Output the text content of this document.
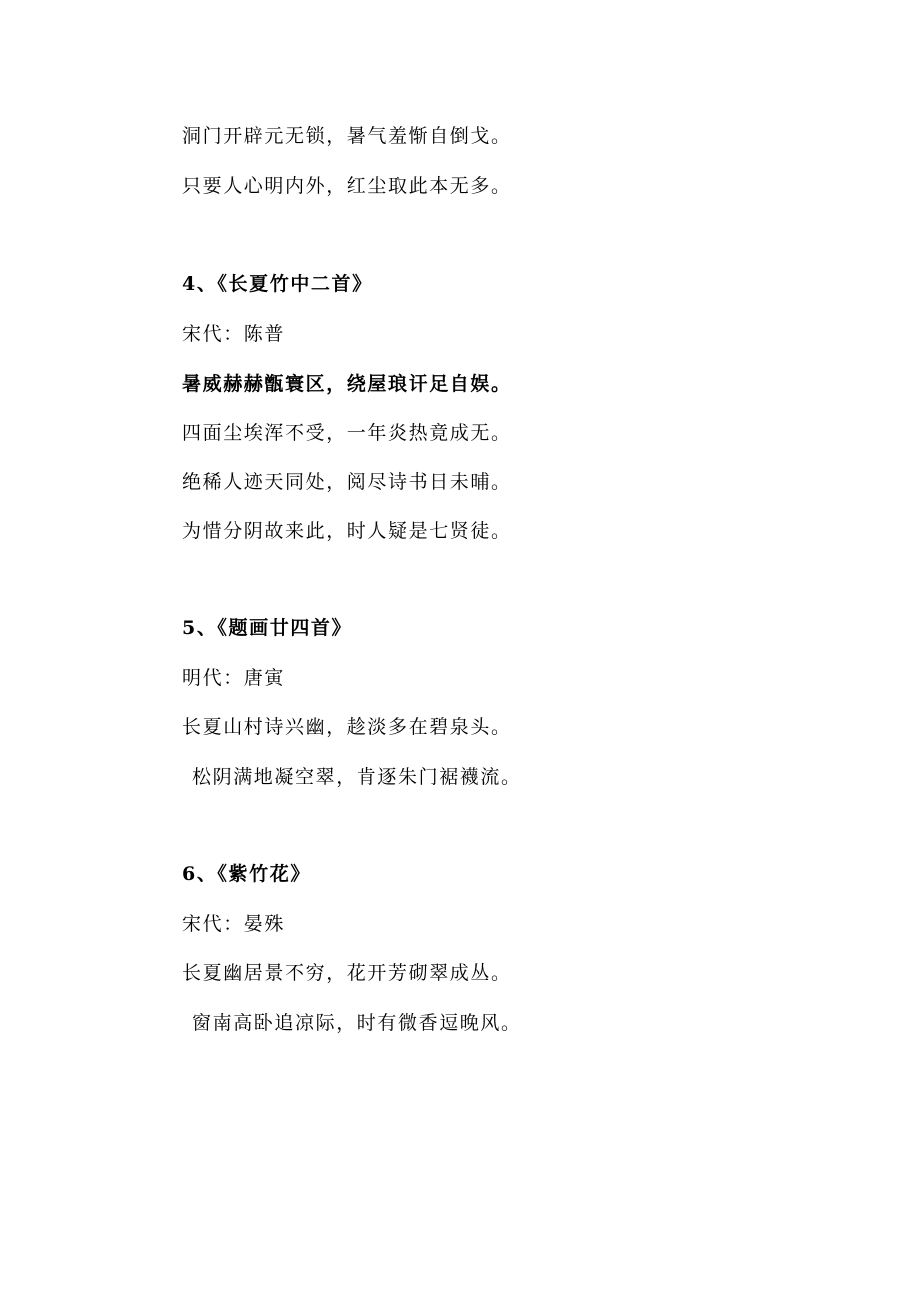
洞门开辟元无锁，暑气羞惭自倒戈。
只要人心明内外，红尘取此本无多。
4、《长夏竹中二首》
宋代：陈普
暑威赫赫甑寰区，绕屋琅讦足自娱。
四面尘埃浑不受，一年炎热竟成无。
绝稀人迹天同处，阅尽诗书日未晡。
为惜分阴故来此，时人疑是七贤徒。
5、《题画廿四首》
明代：唐寅
长夏山村诗兴幽，趁淡多在碧泉头。
松阴满地凝空翠，肯逐朱门裾襪流。
6、《紫竹花》
宋代：晏殊
长夏幽居景不穷，花开芳砌翠成丛。
窗南高卧追凉际，时有微香逗晚风。
